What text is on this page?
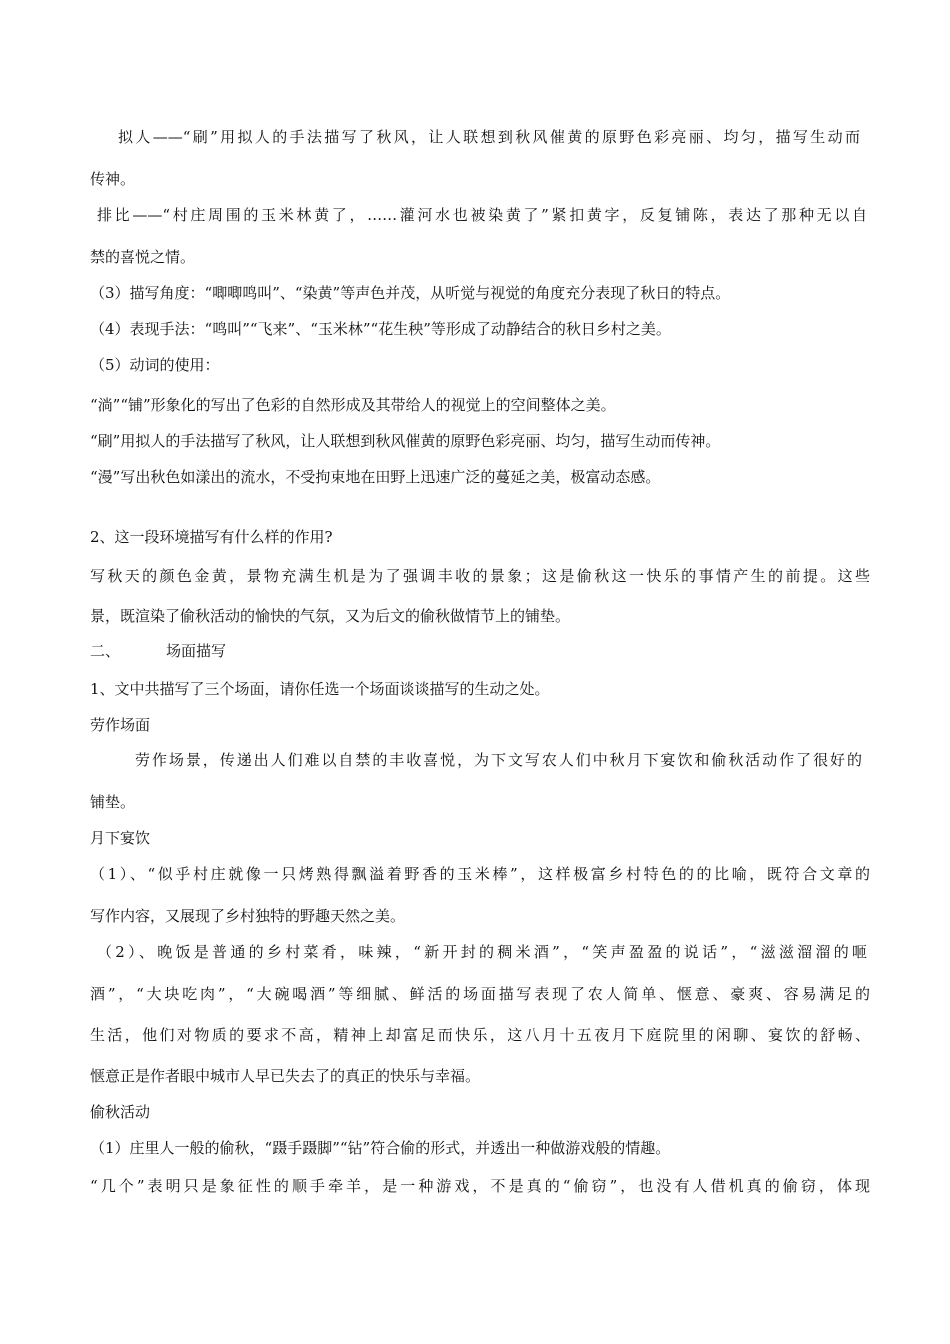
拟人——“刷”用拟人的手法描写了秋风，让人联想到秋风催黄的原野色彩亮丽、均匀，描写生动而
传神。
排比——“村庄周围的玉米林黄了，……灌河水也被染黄了”紧扣黄字，反复铺陈，表达了那种无以自
禁的喜悦之情。
（3）描写角度：“唧唧鸣叫”、“染黄”等声色并茂，从听觉与视觉的角度充分表现了秋日的特点。
（4）表现手法：“鸣叫”“飞来”、“玉米林”“花生秧”等形成了动静结合的秋日乡村之美。
（5）动词的使用：
“淌”“铺”形象化的写出了色彩的自然形成及其带给人的视觉上的空间整体之美。
“刷”用拟人的手法描写了秋风，让人联想到秋风催黄的原野色彩亮丽、均匀，描写生动而传神。
“漫”写出秋色如漾出的流水，不受拘束地在田野上迅速广泛的蔓延之美，极富动态感。
2、这一段环境描写有什么样的作用?
写秋天的颜色金黄，景物充满生机是为了强调丰收的景象；这是偷秋这一快乐的事情产生的前提。这些
景，既渲染了偷秋活动的愉快的气氛，又为后文的偷秋做情节上的铺垫。
二、	场面描写
1、文中共描写了三个场面，请你任选一个场面谈谈描写的生动之处。
劳作场面
劳作场景，传递出人们难以自禁的丰收喜悦，为下文写农人们中秋月下宴饮和偷秋活动作了很好的
铺垫。
月下宴饮
（1）、“似乎村庄就像一只烤熟得飘溢着野香的玉米棒”，这样极富乡村特色的的比喻，既符合文章的
写作内容，又展现了乡村独特的野趣天然之美。
（2）、晚饭是普通的乡村菜肴，味辣，“新开封的稠米酒”，“笑声盈盈的说话”，“滋滋溜溜的咂
酒”，“大块吃肉”，“大碗喝酒”等细腻、鲜活的场面描写表现了农人简单、惬意、豪爽、容易满足的
生活，他们对物质的要求不高，精神上却富足而快乐，这八月十五夜月下庭院里的闲聊、宴饮的舒畅、
惬意正是作者眼中城市人早已失去了的真正的快乐与幸福。
偷秋活动
（1）庄里人一般的偷秋，“蹑手蹑脚”“钻”符合偷的形式，并透出一种做游戏般的情趣。
“几个”表明只是象征性的顺手牵羊，是一种游戏，不是真的“偷窃”，也没有人借机真的偷窃，体现
